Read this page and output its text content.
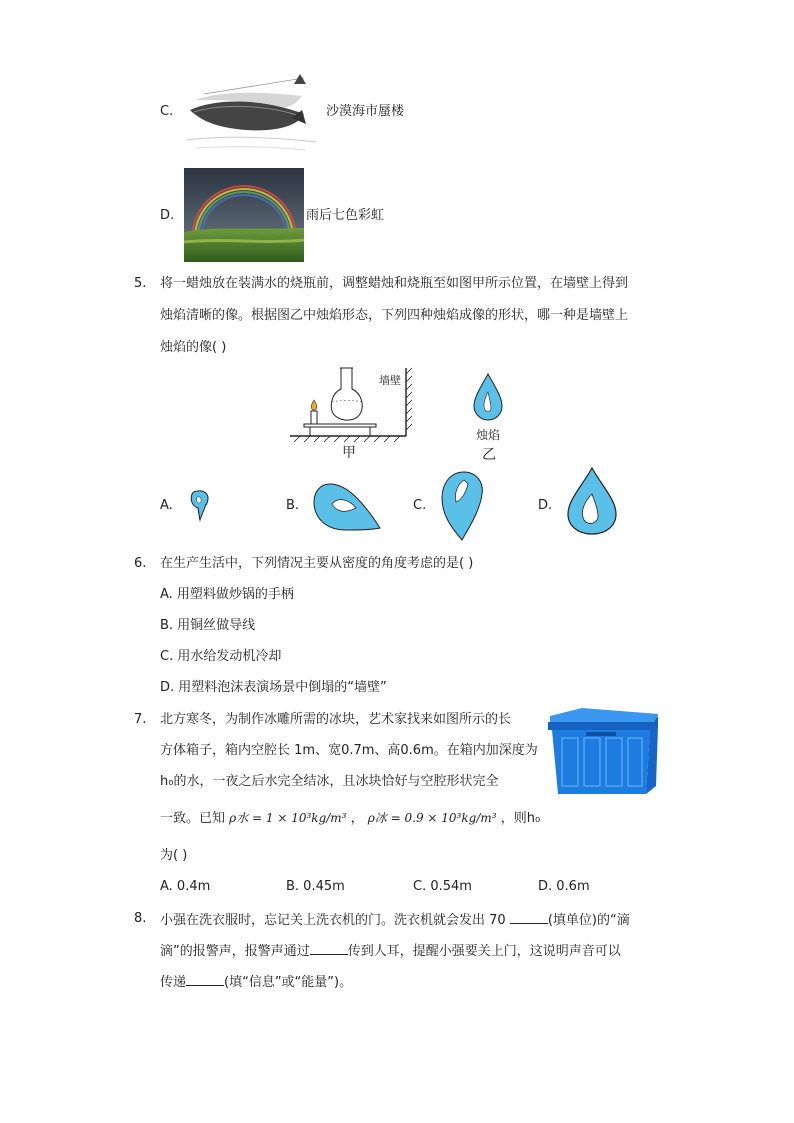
C.	沙漠海市蜃楼
D.	雨后七色彩虹
5. 将一蜡烛放在装满水的烧瓶前，调整蜡烛和烧瓶至如图甲所示位置，在墙壁上得到
烛焰清晰的像。根据图乙中烛焰形态，下列四种烛焰成像的形状，哪一种是墙壁上
烛焰的像( )
墙壁
甲
烛焰
乙
A.	B.	C.	D.
6. 在生产生活中，下列情况主要从密度的角度考虑的是( )
A. 用塑料做炒锅的手柄
B. 用铜丝做导线
C. 用水给发动机冷却
D. 用塑料泡沫表演场景中倒塌的“墙壁”
7. 北方寒冬，为制作冰雕所需的冰块，艺术家找来如图所示的长
方体箱子，箱内空腔长 1m、宽0.7m、高0.6m。在箱内加深度为
h₀的水，一夜之后水完全结冰，且冰块恰好与空腔形状完全
一致。已知 ρ水 = 1 × 10³kg/m³ ， ρ冰 = 0.9 × 10³kg/m³ ，则h₀
为( )
A. 0.4m	B. 0.45m	C. 0.54m	D. 0.6m
8. 小强在洗衣服时，忘记关上洗衣机的门。洗衣机就会发出 70	(填单位)的“滴
滴”的报警声，报警声通过	传到人耳，提醒小强要关上门，这说明声音可以
传递	(填“信息”或“能量”)。
